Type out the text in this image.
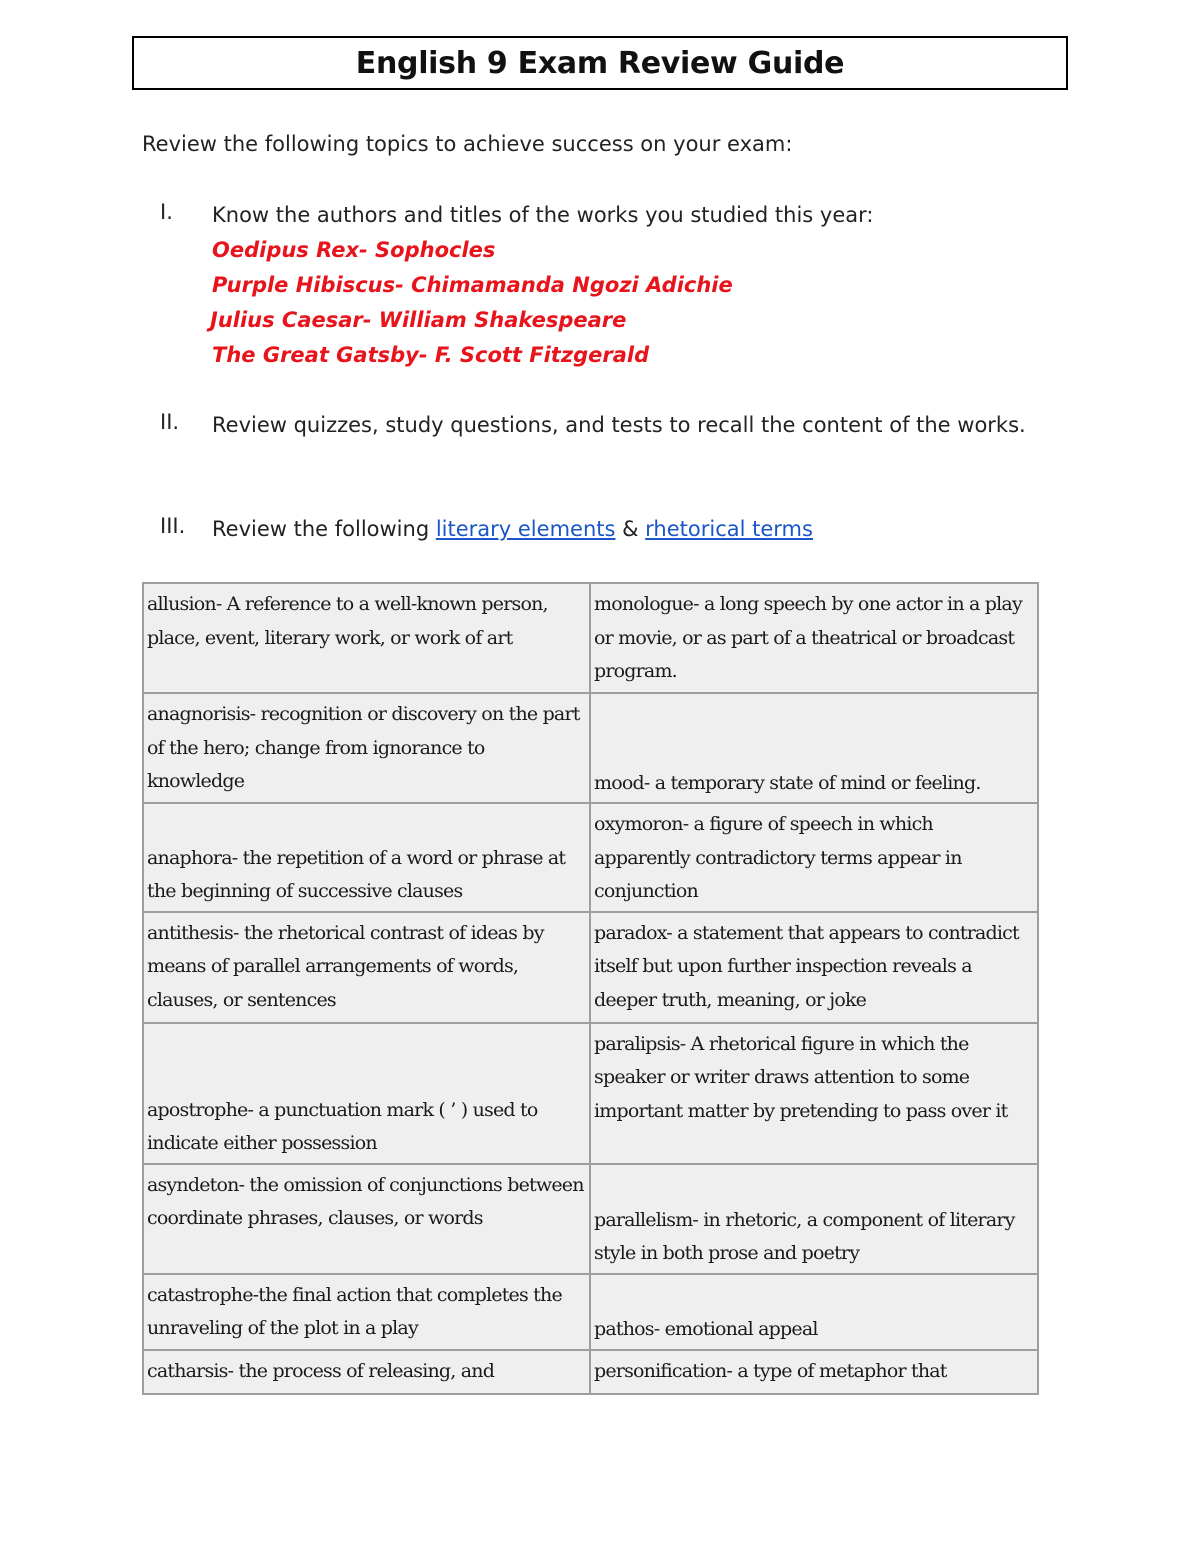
English 9 Exam Review Guide

Review the following topics to achieve success on your exam:

I. Know the authors and titles of the works you studied this year:

Oedipus Rex- Sophocles
Purple Hibiscus- Chimamanda Ngozi Adichie
Julius Caesar- William Shakespeare
The Great Gatsby- F. Scott Fitzgerald
II. Review quizzes, study questions, and tests to recall the content of the works.

III. Review the following literary elements & rhetorical terms

allusion- A reference to a well-known person, place, event, literary work, or work of art	monologue- a long speech by one actor in a play or movie, or as part of a theatrical or broadcast program.
anagnorisis- recognition or discovery on the part of the hero; change from ignorance to knowledge	mood- a temporary state of mind or feeling.
anaphora- the repetition of a word or phrase at the beginning of successive clauses	oxymoron- a figure of speech in which apparently contradictory terms appear in conjunction
antithesis- the rhetorical contrast of ideas by means of parallel arrangements of words, clauses, or sentences	paradox- a statement that appears to contradict itself but upon further inspection reveals a deeper truth, meaning, or joke
apostrophe- a punctuation mark ( ’ ) used to indicate either possession	paralipsis- A rhetorical figure in which the speaker or writer draws attention to some important matter by pretending to pass over it
asyndeton- the omission of conjunctions between coordinate phrases, clauses, or words	parallelism- in rhetoric, a component of literary style in both prose and poetry
catastrophe-the final action that completes the unraveling of the plot in a play	pathos- emotional appeal
catharsis- the process of releasing, and	personification- a type of metaphor that
